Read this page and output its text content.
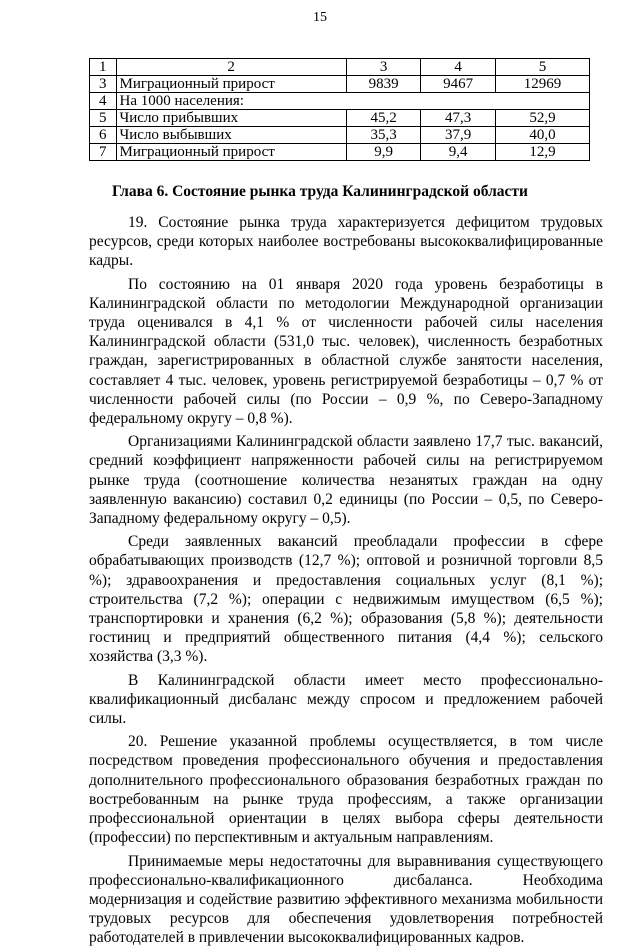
15
1	2	3	4	5
3	Миграционный прирост	9839	9467	12969
4	На 1000 населения:			
5	Число прибывших	45,2	47,3	52,9
6	Число выбывших	35,3	37,9	40,0
7	Миграционный прирост	9,9	9,4	12,9
Глава 6. Состояние рынка труда Калининградской области

19. Состояние рынка труда характеризуется дефицитом трудовых ресурсов, среди которых наиболее востребованы высококвалифицированные кадры.

По состоянию на 01 января 2020 года уровень безработицы в Калининградской области по методологии Международной организации труда оценивался в 4,1 % от численности рабочей силы населения Калининградской области (531,0 тыс. человек), численность безработных граждан, зарегистрированных в областной службе занятости населения, составляет 4 тыс. человек, уровень регистрируемой безработицы – 0,7 % от численности рабочей силы (по России – 0,9 %, по Северо-Западному федеральному округу – 0,8 %).

Организациями Калининградской области заявлено 17,7 тыс. вакансий, средний коэффициент напряженности рабочей силы на регистрируемом рынке труда (соотношение количества незанятых граждан на одну заявленную вакансию) составил 0,2 единицы (по России – 0,5, по Северо-Западному федеральному округу – 0,5).

Среди заявленных вакансий преобладали профессии в сфере обрабатывающих производств (12,7 %); оптовой и розничной торговли 8,5 %); здравоохранения и предоставления социальных услуг (8,1 %); строительства (7,2 %); операции с недвижимым имуществом (6,5 %); транспортировки и хранения (6,2 %); образования (5,8 %); деятельности гостиниц и предприятий общественного питания (4,4 %); сельского хозяйства (3,3 %).

В Калининградской области имеет место профессионально-квалификационный дисбаланс между спросом и предложением рабочей силы.

20. Решение указанной проблемы осуществляется, в том числе посредством проведения профессионального обучения и предоставления дополнительного профессионального образования безработных граждан по востребованным на рынке труда профессиям, а также организации профессиональной ориентации в целях выбора сферы деятельности (профессии) по перспективным и актуальным направлениям.

Принимаемые меры недостаточны для выравнивания существующего профессионально-квалификационного дисбаланса. Необходима модернизация и содействие развитию эффективного механизма мобильности трудовых ресурсов для обеспечения удовлетворения потребностей работодателей в привлечении высококвалифицированных кадров.
